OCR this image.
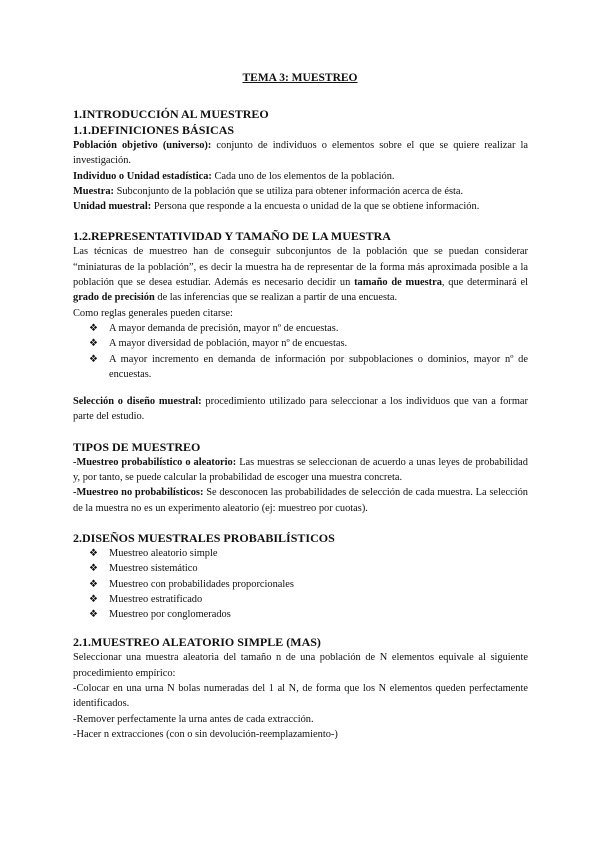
TEMA 3: MUESTREO
1.INTRODUCCIÓN AL MUESTREO
1.1.DEFINICIONES BÁSICAS

Población objetivo (universo): conjunto de individuos o elementos sobre el que se quiere realizar la investigación.

Individuo o Unidad estadística: Cada uno de los elementos de la población.

Muestra: Subconjunto de la población que se utiliza para obtener información acerca de ésta.

Unidad muestral: Persona que responde a la encuesta o unidad de la que se obtiene información.

1.2.REPRESENTATIVIDAD Y TAMAÑO DE LA MUESTRA

Las técnicas de muestreo han de conseguir subconjuntos de la población que se puedan considerar “miniaturas de la población”, es decir la muestra ha de representar de la forma más aproximada posible a la población que se desea estudiar. Además es necesario decidir un tamaño de muestra, que determinará el grado de precisión de las inferencias que se realizan a partir de una encuesta.

Como reglas generales pueden citarse:

❖ A mayor demanda de precisión, mayor nº de encuestas.

❖ A mayor diversidad de población, mayor nº de encuestas.

❖ A mayor incremento en demanda de información por subpoblaciones o dominios, mayor nº de encuestas.

Selección o diseño muestral: procedimiento utilizado para seleccionar a los individuos que van a formar parte del estudio.

TIPOS DE MUESTREO

-Muestreo probabilístico o aleatorio: Las muestras se seleccionan de acuerdo a unas leyes de probabilidad y, por tanto, se puede calcular la probabilidad de escoger una muestra concreta.

-Muestreo no probabilísticos: Se desconocen las probabilidades de selección de cada muestra. La selección de la muestra no es un experimento aleatorio (ej: muestreo por cuotas).

2.DISEÑOS MUESTRALES PROBABILÍSTICOS

❖ Muestreo aleatorio simple

❖ Muestreo sistemático

❖ Muestreo con probabilidades proporcionales

❖ Muestreo estratificado

❖ Muestreo por conglomerados

2.1.MUESTREO ALEATORIO SIMPLE (MAS)

Seleccionar una muestra aleatoria del tamaño n de una población de N elementos equivale al siguiente procedimiento empírico:

-Colocar en una urna N bolas numeradas del 1 al N, de forma que los N elementos queden perfectamente identificados.

-Remover perfectamente la urna antes de cada extracción.

-Hacer n extracciones (con o sin devolución-reemplazamiento-)
